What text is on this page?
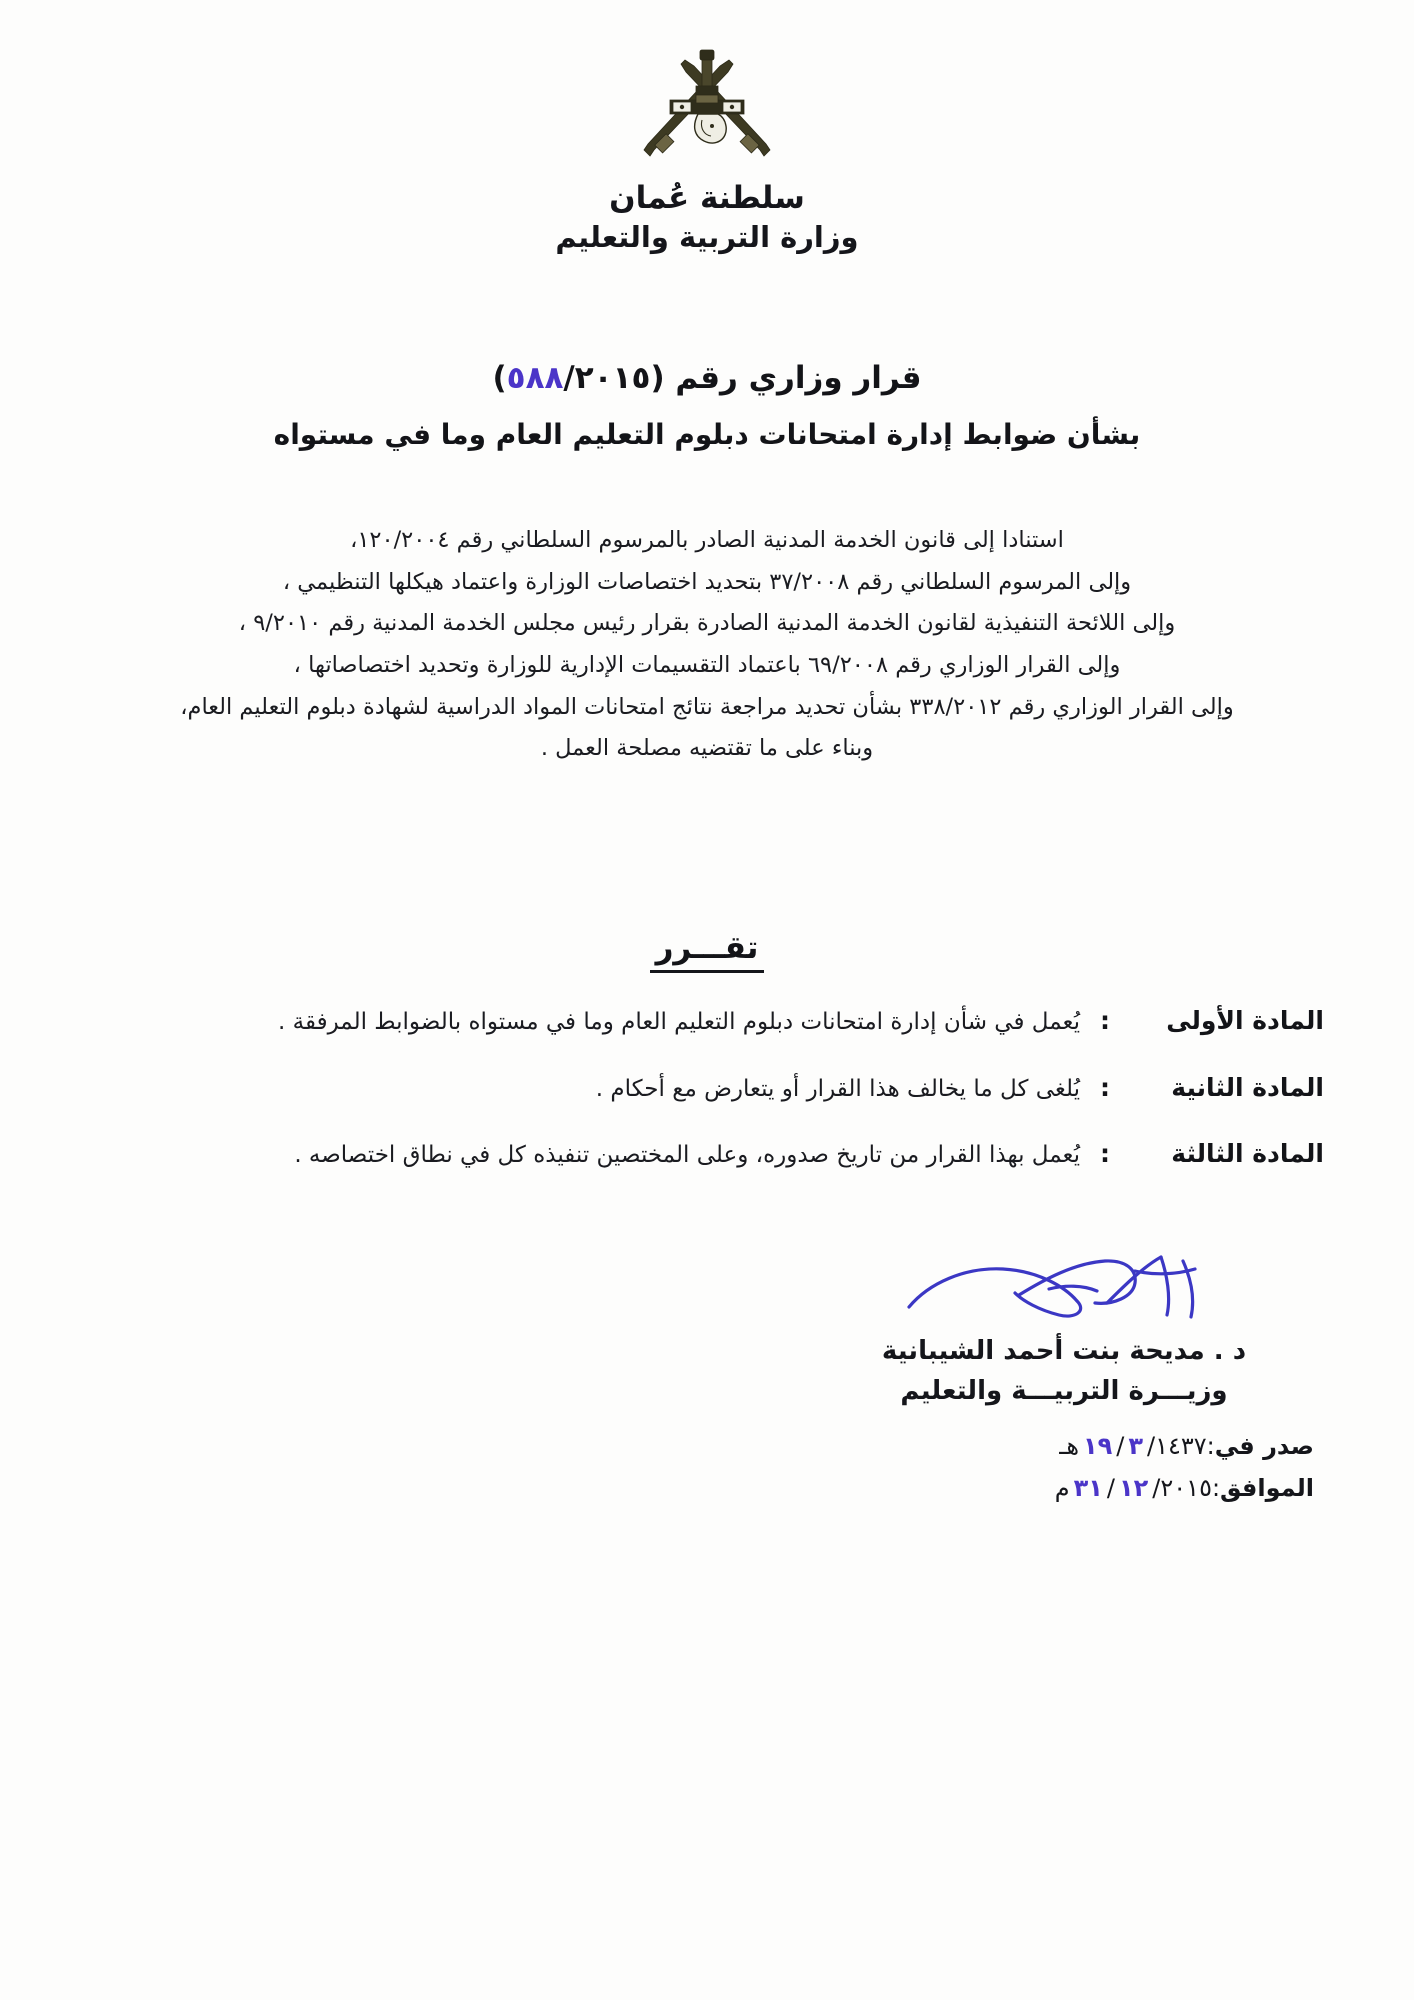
سلطنة عُمان
وزارة التربية والتعليم
قرار وزاري رقم (٥٨٨/٢٠١٥)
بشأن ضوابط إدارة امتحانات دبلوم التعليم العام وما في مستواه
استنادا إلى قانون الخدمة المدنية الصادر بالمرسوم السلطاني رقم ١٢٠/٢٠٠٤،
وإلى المرسوم السلطاني رقم ٣٧/٢٠٠٨ بتحديد اختصاصات الوزارة واعتماد هيكلها التنظيمي ،
وإلى اللائحة التنفيذية لقانون الخدمة المدنية الصادرة بقرار رئيس مجلس الخدمة المدنية رقم ٩/٢٠١٠ ،
وإلى القرار الوزاري رقم ٦٩/٢٠٠٨ باعتماد التقسيمات الإدارية للوزارة وتحديد اختصاصاتها ،
وإلى القرار الوزاري رقم ٣٣٨/٢٠١٢ بشأن تحديد مراجعة نتائج امتحانات المواد الدراسية لشهادة دبلوم التعليم العام،
وبناء على ما تقتضيه مصلحة العمل .
تقـــرر
المادة الأولى
:
يُعمل في شأن إدارة امتحانات دبلوم التعليم العام وما في مستواه بالضوابط المرفقة .
المادة الثانية
:
يُلغى كل ما يخالف هذا القرار أو يتعارض مع أحكام .
المادة الثالثة
:
يُعمل بهذا القرار من تاريخ صدوره، وعلى المختصين تنفيذه كل في نطاق اختصاصه .
د . مديحة بنت أحمد الشيبانية
وزيـــرة التربيـــة والتعليم
صدر في:١٩ / ٣ /١٤٣٧هـ
الموافق:٣١ / ١٢ /٢٠١٥م
